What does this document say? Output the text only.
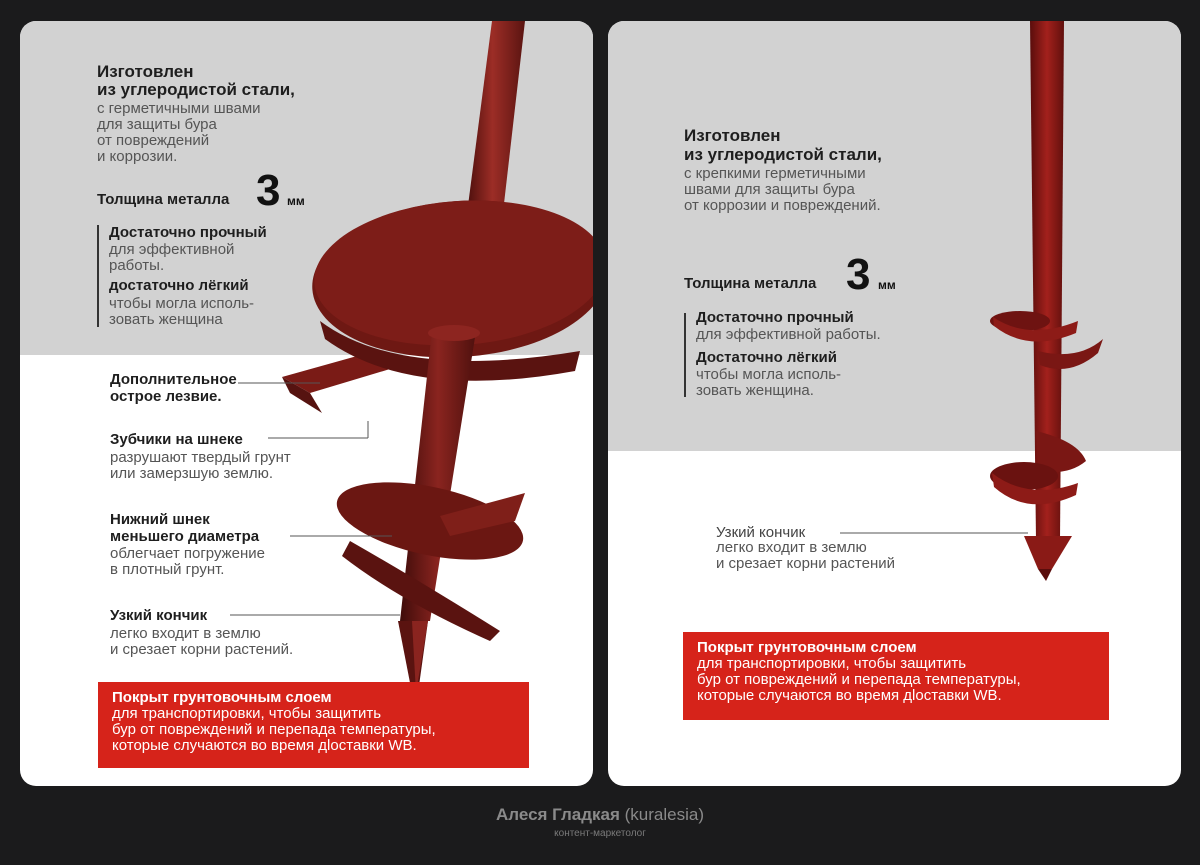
Изготовлен
из углеродистой стали,
с герметичными швами
для защиты бура
от повреждений
и коррозии.
Толщина металла 3 мм
Достаточно прочный
для эффективной
работы.
достаточно лёгкий
чтобы могла исполь-
зовать женщина
Дополнительное
острое лезвие.
Зубчики на шнеке
разрушают твердый грунт
или замерзшую землю.
Нижний шнек
меньшего диаметра
облегчает погружение
в плотный грунт.
Узкий кончик
легко входит в землю
и срезает корни растений.
Покрыт грунтовочным слоем
для транспортировки, чтобы защитить
бур от повреждений и перепада температуры,
которые случаются во время дlоставки WB.
Изготовлен
из углеродистой стали,
с крепкими герметичными
швами для защиты бура
от коррозии и повреждений.
Толщина металла 3 мм
Достаточно прочный
для эффективной работы.
Достаточно лёгкий
чтобы могла исполь-
зовать женщина.
Узкий кончик
легко входит в землю
и срезает корни растений
Покрыт грунтовочным слоем
для транспортировки, чтобы защитить
бур от повреждений и перепада температуры,
которые случаются во время дlоставки WB.
Алеся Гладкая (kuralesia)
контент-маркетолог
